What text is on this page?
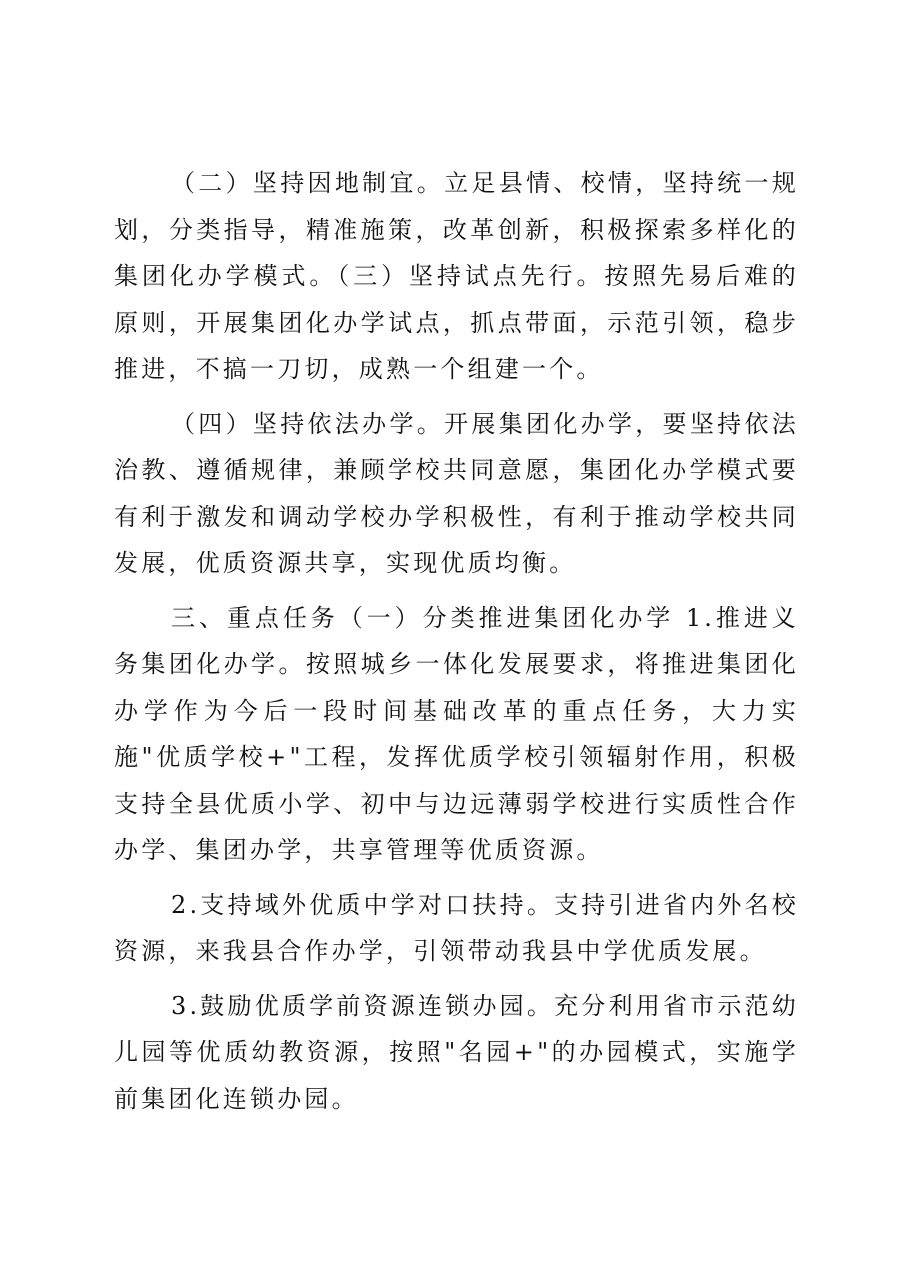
（二）坚持因地制宜。立足县情、校情，坚持统一规划，分类指导，精准施策，改革创新，积极探索多样化的集团化办学模式。（三）坚持试点先行。按照先易后难的原则，开展集团化办学试点，抓点带面，示范引领，稳步推进，不搞一刀切，成熟一个组建一个。

（四）坚持依法办学。开展集团化办学，要坚持依法治教、遵循规律，兼顾学校共同意愿，集团化办学模式要有利于激发和调动学校办学积极性，有利于推动学校共同发展，优质资源共享，实现优质均衡。

三、重点任务（一）分类推进集团化办学 1.推进义务集团化办学。按照城乡一体化发展要求，将推进集团化办学作为今后一段时间基础改革的重点任务，大力实施"优质学校+"工程，发挥优质学校引领辐射作用，积极支持全县优质小学、初中与边远薄弱学校进行实质性合作办学、集团办学，共享管理等优质资源。

2.支持域外优质中学对口扶持。支持引进省内外名校资源，来我县合作办学，引领带动我县中学优质发展。

3.鼓励优质学前资源连锁办园。充分利用省市示范幼儿园等优质幼教资源，按照"名园+"的办园模式，实施学前集团化连锁办园。
